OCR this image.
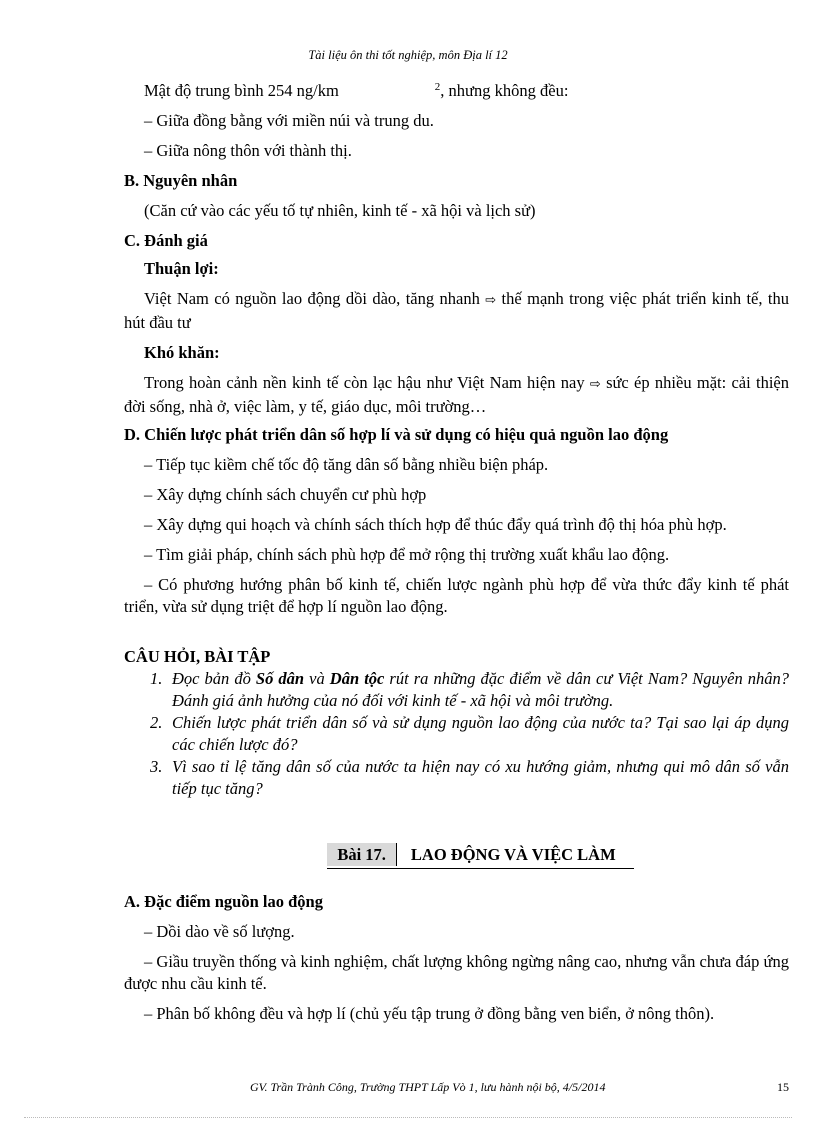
Tài liệu ôn thi tốt nghiệp, môn Địa lí 12

Mật độ trung bình 254 ng/km	$^2$, nhưng không đều:

– Giữa đồng bằng với miền núi và trung du.

– Giữa nông thôn với thành thị.

B. Nguyên nhân

(Căn cứ vào các yếu tố tự nhiên, kinh tế - xã hội và lịch sử)

C. Đánh giá

Thuận lợi:

Việt Nam có nguồn lao động dồi dào, tăng nhanh ⇨ thế mạnh trong việc phát triển kinh tế, thu hút đầu tư

Khó khăn:

Trong hoàn cảnh nền kinh tế còn lạc hậu như Việt Nam hiện nay ⇨ sức ép nhiều mặt: cải thiện đời sống, nhà ở, việc làm, y tế, giáo dục, môi trường…

D. Chiến lược phát triển dân số hợp lí và sử dụng có hiệu quả nguồn lao động

– Tiếp tục kiềm chế tốc độ tăng dân số bằng nhiều biện pháp.

– Xây dựng chính sách chuyển cư phù hợp

– Xây dựng qui hoạch và chính sách thích hợp để thúc đẩy quá trình độ thị hóa phù hợp.

– Tìm giải pháp, chính sách phù hợp để mở rộng thị trường xuất khẩu lao động.

– Có phương hướng phân bố kinh tế, chiến lược ngành phù hợp để vừa thức đẩy kinh tế phát triển, vừa sử dụng triệt để hợp lí nguồn lao động.

CÂU HỎI, BÀI TẬP

1. Đọc bản đồ Số dân và Dân tộc rút ra những đặc điểm về dân cư Việt Nam? Nguyên nhân? Đánh giá ảnh hưởng của nó đối với kinh tế - xã hội và môi trường.
2. Chiến lược phát triển dân số và sử dụng nguồn lao động của nước ta? Tại sao lại áp dụng các chiến lược đó?
3. Vì sao tỉ lệ tăng dân số của nước ta hiện nay có xu hướng giảm, nhưng qui mô dân số vẫn tiếp tục tăng?
Bài 17. LAO ĐỘNG VÀ VIỆC LÀM

A. Đặc điểm nguồn lao động

– Dồi dào về số lượng.

– Giầu truyền thống và kinh nghiệm, chất lượng không ngừng nâng cao, nhưng vẫn chưa đáp ứng được nhu cầu kinh tế.

– Phân bố không đều và hợp lí (chủ yếu tập trung ở đồng bằng ven biển, ở nông thôn).

GV. Trần Trành Công, Trường THPT Lấp Vò 1, lưu hành nội bộ, 4/5/2014	15
